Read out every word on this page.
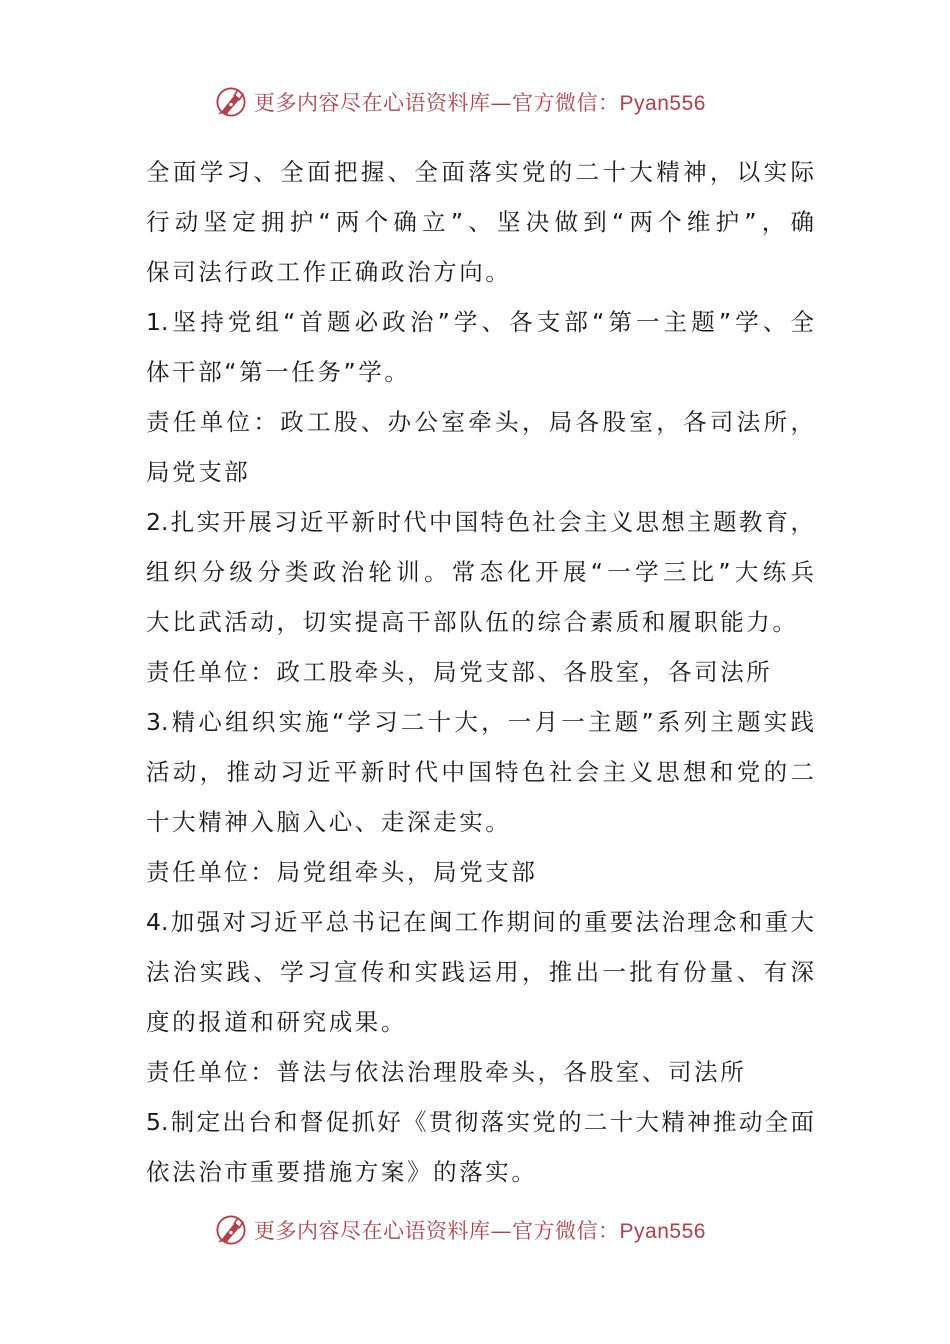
更多内容尽在心语资料库—官方微信：Pyan556
全面学习、全面把握、全面落实党的二十大精神，以实际
行动坚定拥护“两个确立”、坚决做到“两个维护”，确
保司法行政工作正确政治方向。
1.坚持党组“首题必政治”学、各支部“第一主题”学、全
体干部“第一任务”学。
责任单位：政工股、办公室牵头，局各股室，各司法所，
局党支部
2.扎实开展习近平新时代中国特色社会主义思想主题教育，
组织分级分类政治轮训。常态化开展“一学三比”大练兵
大比武活动，切实提高干部队伍的综合素质和履职能力。
责任单位：政工股牵头，局党支部、各股室，各司法所
3.精心组织实施“学习二十大，一月一主题”系列主题实践
活动，推动习近平新时代中国特色社会主义思想和党的二
十大精神入脑入心、走深走实。
责任单位：局党组牵头，局党支部
4.加强对习近平总书记在闽工作期间的重要法治理念和重大
法治实践、学习宣传和实践运用，推出一批有份量、有深
度的报道和研究成果。
责任单位：普法与依法治理股牵头，各股室、司法所
5.制定出台和督促抓好《贯彻落实党的二十大精神推动全面
依法治市重要措施方案》的落实。
更多内容尽在心语资料库—官方微信：Pyan556
